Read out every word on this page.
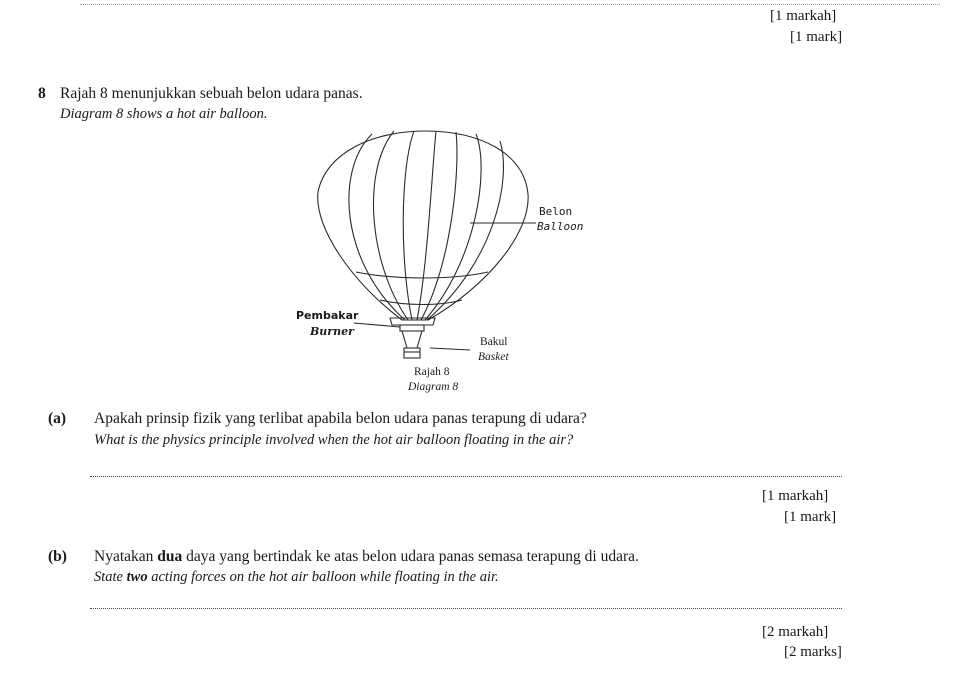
[1 markah]
[1 mark]
8 Rajah 8 menunjukkan sebuah belon udara panas.
Diagram 8 shows a hot air balloon.
Belon
Balloon
Pembakar
Burner
Bakul
Basket
Rajah 8
Diagram 8
(a) Apakah prinsip fizik yang terlibat apabila belon udara panas terapung di udara?
What is the physics principle involved when the hot air balloon floating in the air?
[1 markah]
[1 mark]
(b) Nyatakan dua daya yang bertindak ke atas belon udara panas semasa terapung di udara.
State two acting forces on the hot air balloon while floating in the air.
[2 markah]
[2 marks]
